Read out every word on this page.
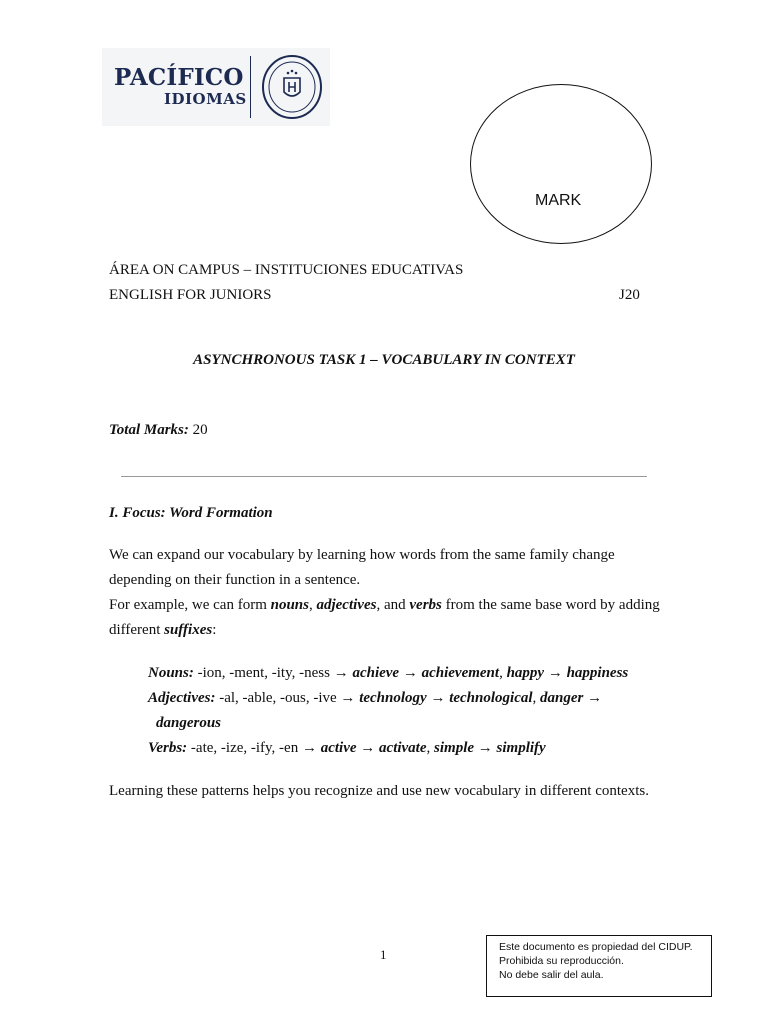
PACÍFICO
IDIOMAS
MARK
ÁREA ON CAMPUS – INSTITUCIONES EDUCATIVAS
ENGLISH FOR JUNIORS	J20
ASYNCHRONOUS TASK 1 – VOCABULARY IN CONTEXT
Total Marks: 20
I. Focus: Word Formation
We can expand our vocabulary by learning how words from the same family change depending on their function in a sentence.
For example, we can form nouns, adjectives, and verbs from the same base word by adding different suffixes:
Nouns: -ion, -ment, -ity, -ness → achieve → achievement, happy → happiness
Adjectives: -al, -able, -ous, -ive → technology → technological, danger →
dangerous
Verbs: -ate, -ize, -ify, -en → active → activate, simple → simplify
Learning these patterns helps you recognize and use new vocabulary in different contexts.
1	Este documento es propiedad del CIDUP.
Prohibida su reproducción.
No debe salir del aula.
